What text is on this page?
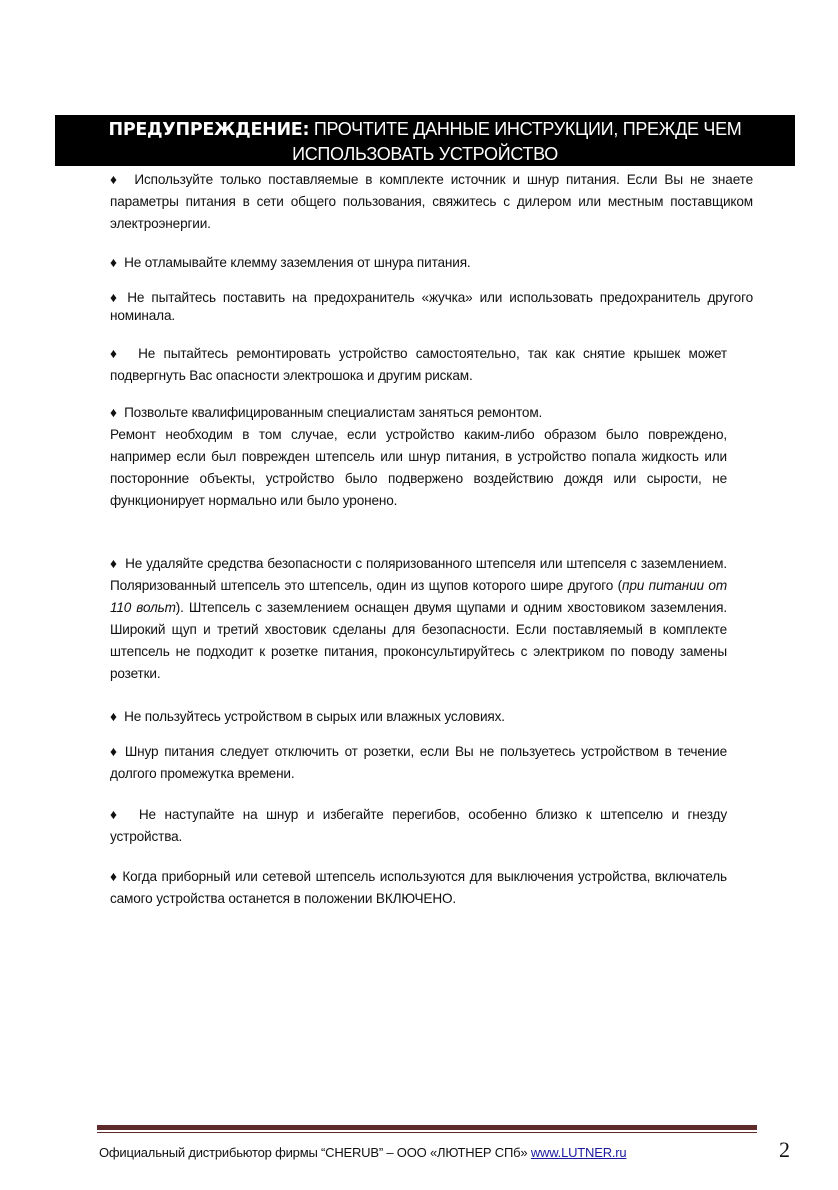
ПРЕДУПРЕЖДЕНИЕ: ПРОЧТИТЕ ДАННЫЕ ИНСТРУКЦИИ, ПРЕЖДЕ ЧЕМ
ИСПОЛЬЗОВАТЬ УСТРОЙСТВО
♦ Используйте только поставляемые в комплекте источник и шнур питания. Если Вы не знаете параметры питания в сети общего пользования, свяжитесь с дилером или местным поставщиком электроэнергии.
♦ Не отламывайте клемму заземления от шнура питания.
♦ Не пытайтесь поставить на предохранитель «жучка» или использовать предохранитель другого номинала.
♦ Не пытайтесь ремонтировать устройство самостоятельно, так как снятие крышек может подвергнуть Вас опасности электрошока и другим рискам.
♦ Позвольте квалифицированным специалистам заняться ремонтом.
Ремонт необходим в том случае, если устройство каким-либо образом было повреждено, например если был поврежден штепсель или шнур питания, в устройство попала жидкость или посторонние объекты, устройство было подвержено воздействию дождя или сырости, не функционирует нормально или было уронено.
♦ Не удаляйте средства безопасности с поляризованного штепселя или штепселя с заземлением. Поляризованный штепсель это штепсель, один из щупов которого шире другого (при питании от 110 вольт). Штепсель с заземлением оснащен двумя щупами и одним хвостовиком заземления. Широкий щуп и третий хвостовик сделаны для безопасности. Если поставляемый в комплекте штепсель не подходит к розетке питания, проконсультируйтесь с электриком по поводу замены розетки.
♦ Не пользуйтесь устройством в сырых или влажных условиях.
♦ Шнур питания следует отключить от розетки, если Вы не пользуетесь устройством в течение долгого промежутка времени.
♦ Не наступайте на шнур и избегайте перегибов, особенно близко к штепселю и гнезду устройства.
♦ Когда приборный или сетевой штепсель используются для выключения устройства, включатель самого устройства останется в положении ВКЛЮЧЕНО.
Официальный дистрибьютор фирмы “CHERUB” – ООО «ЛЮТНЕР СПб» www.LUTNER.ru	2
